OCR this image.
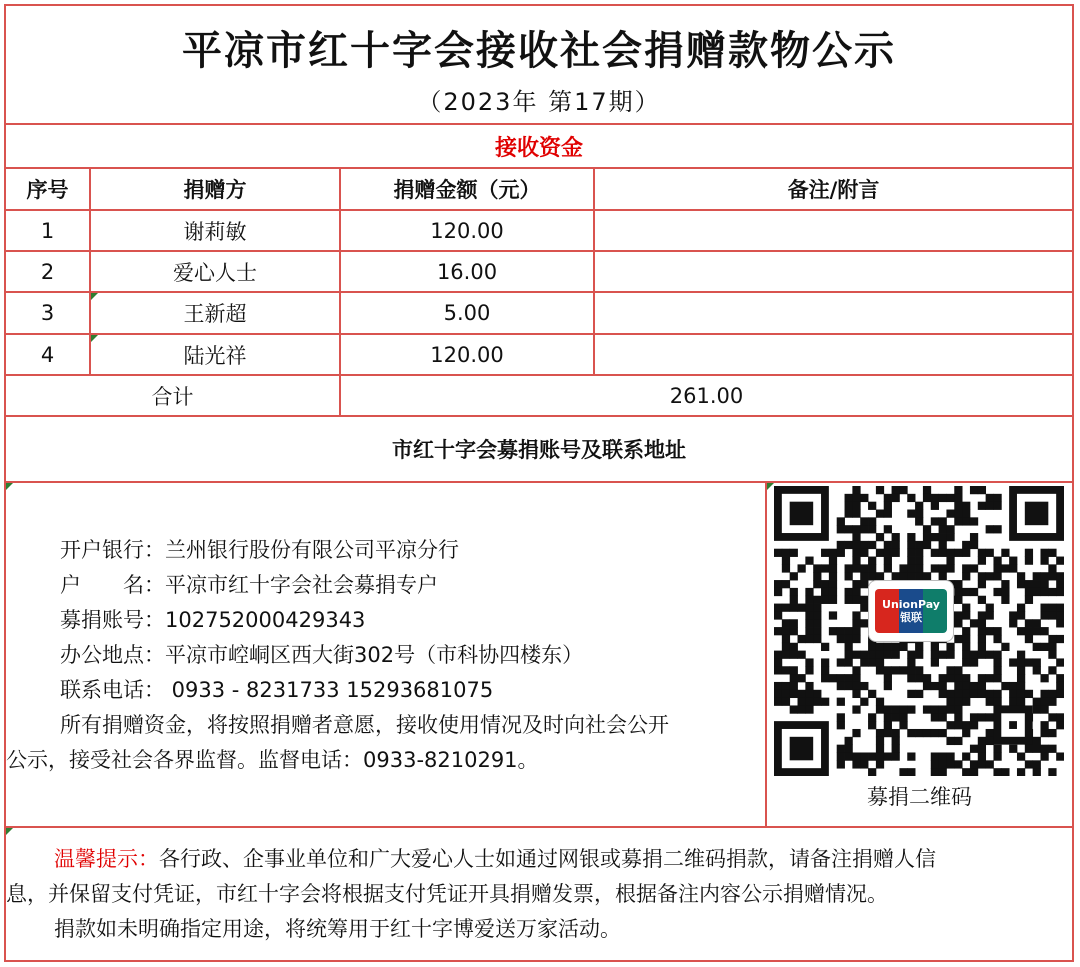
平凉市红十字会接收社会捐赠款物公示
（2023年 第17期）
接收资金
序号	捐赠方	捐赠金额（元）	备注/附言
1	谢莉敏	120.00
2	爱心人士	16.00
3	王新超	5.00
4	陆光祥	120.00
合计	261.00
市红十字会募捐账号及联系地址
开户银行：兰州银行股份有限公司平凉分行
户　　名：平凉市红十字会社会募捐专户
募捐账号：102752000429343
办公地点：平凉市崆峒区西大街302号（市科协四楼东）
联系电话： 0933 - 8231733 15293681075
所有捐赠资金，将按照捐赠者意愿，接收使用情况及时向社会公开
公示，接受社会各界监督。监督电话：0933-8210291。
UnionPay 银联
募捐二维码
温馨提示：各行政、企事业单位和广大爱心人士如通过网银或募捐二维码捐款，请备注捐赠人信
息，并保留支付凭证，市红十字会将根据支付凭证开具捐赠发票，根据备注内容公示捐赠情况。
捐款如未明确指定用途，将统筹用于红十字博爱送万家活动。
